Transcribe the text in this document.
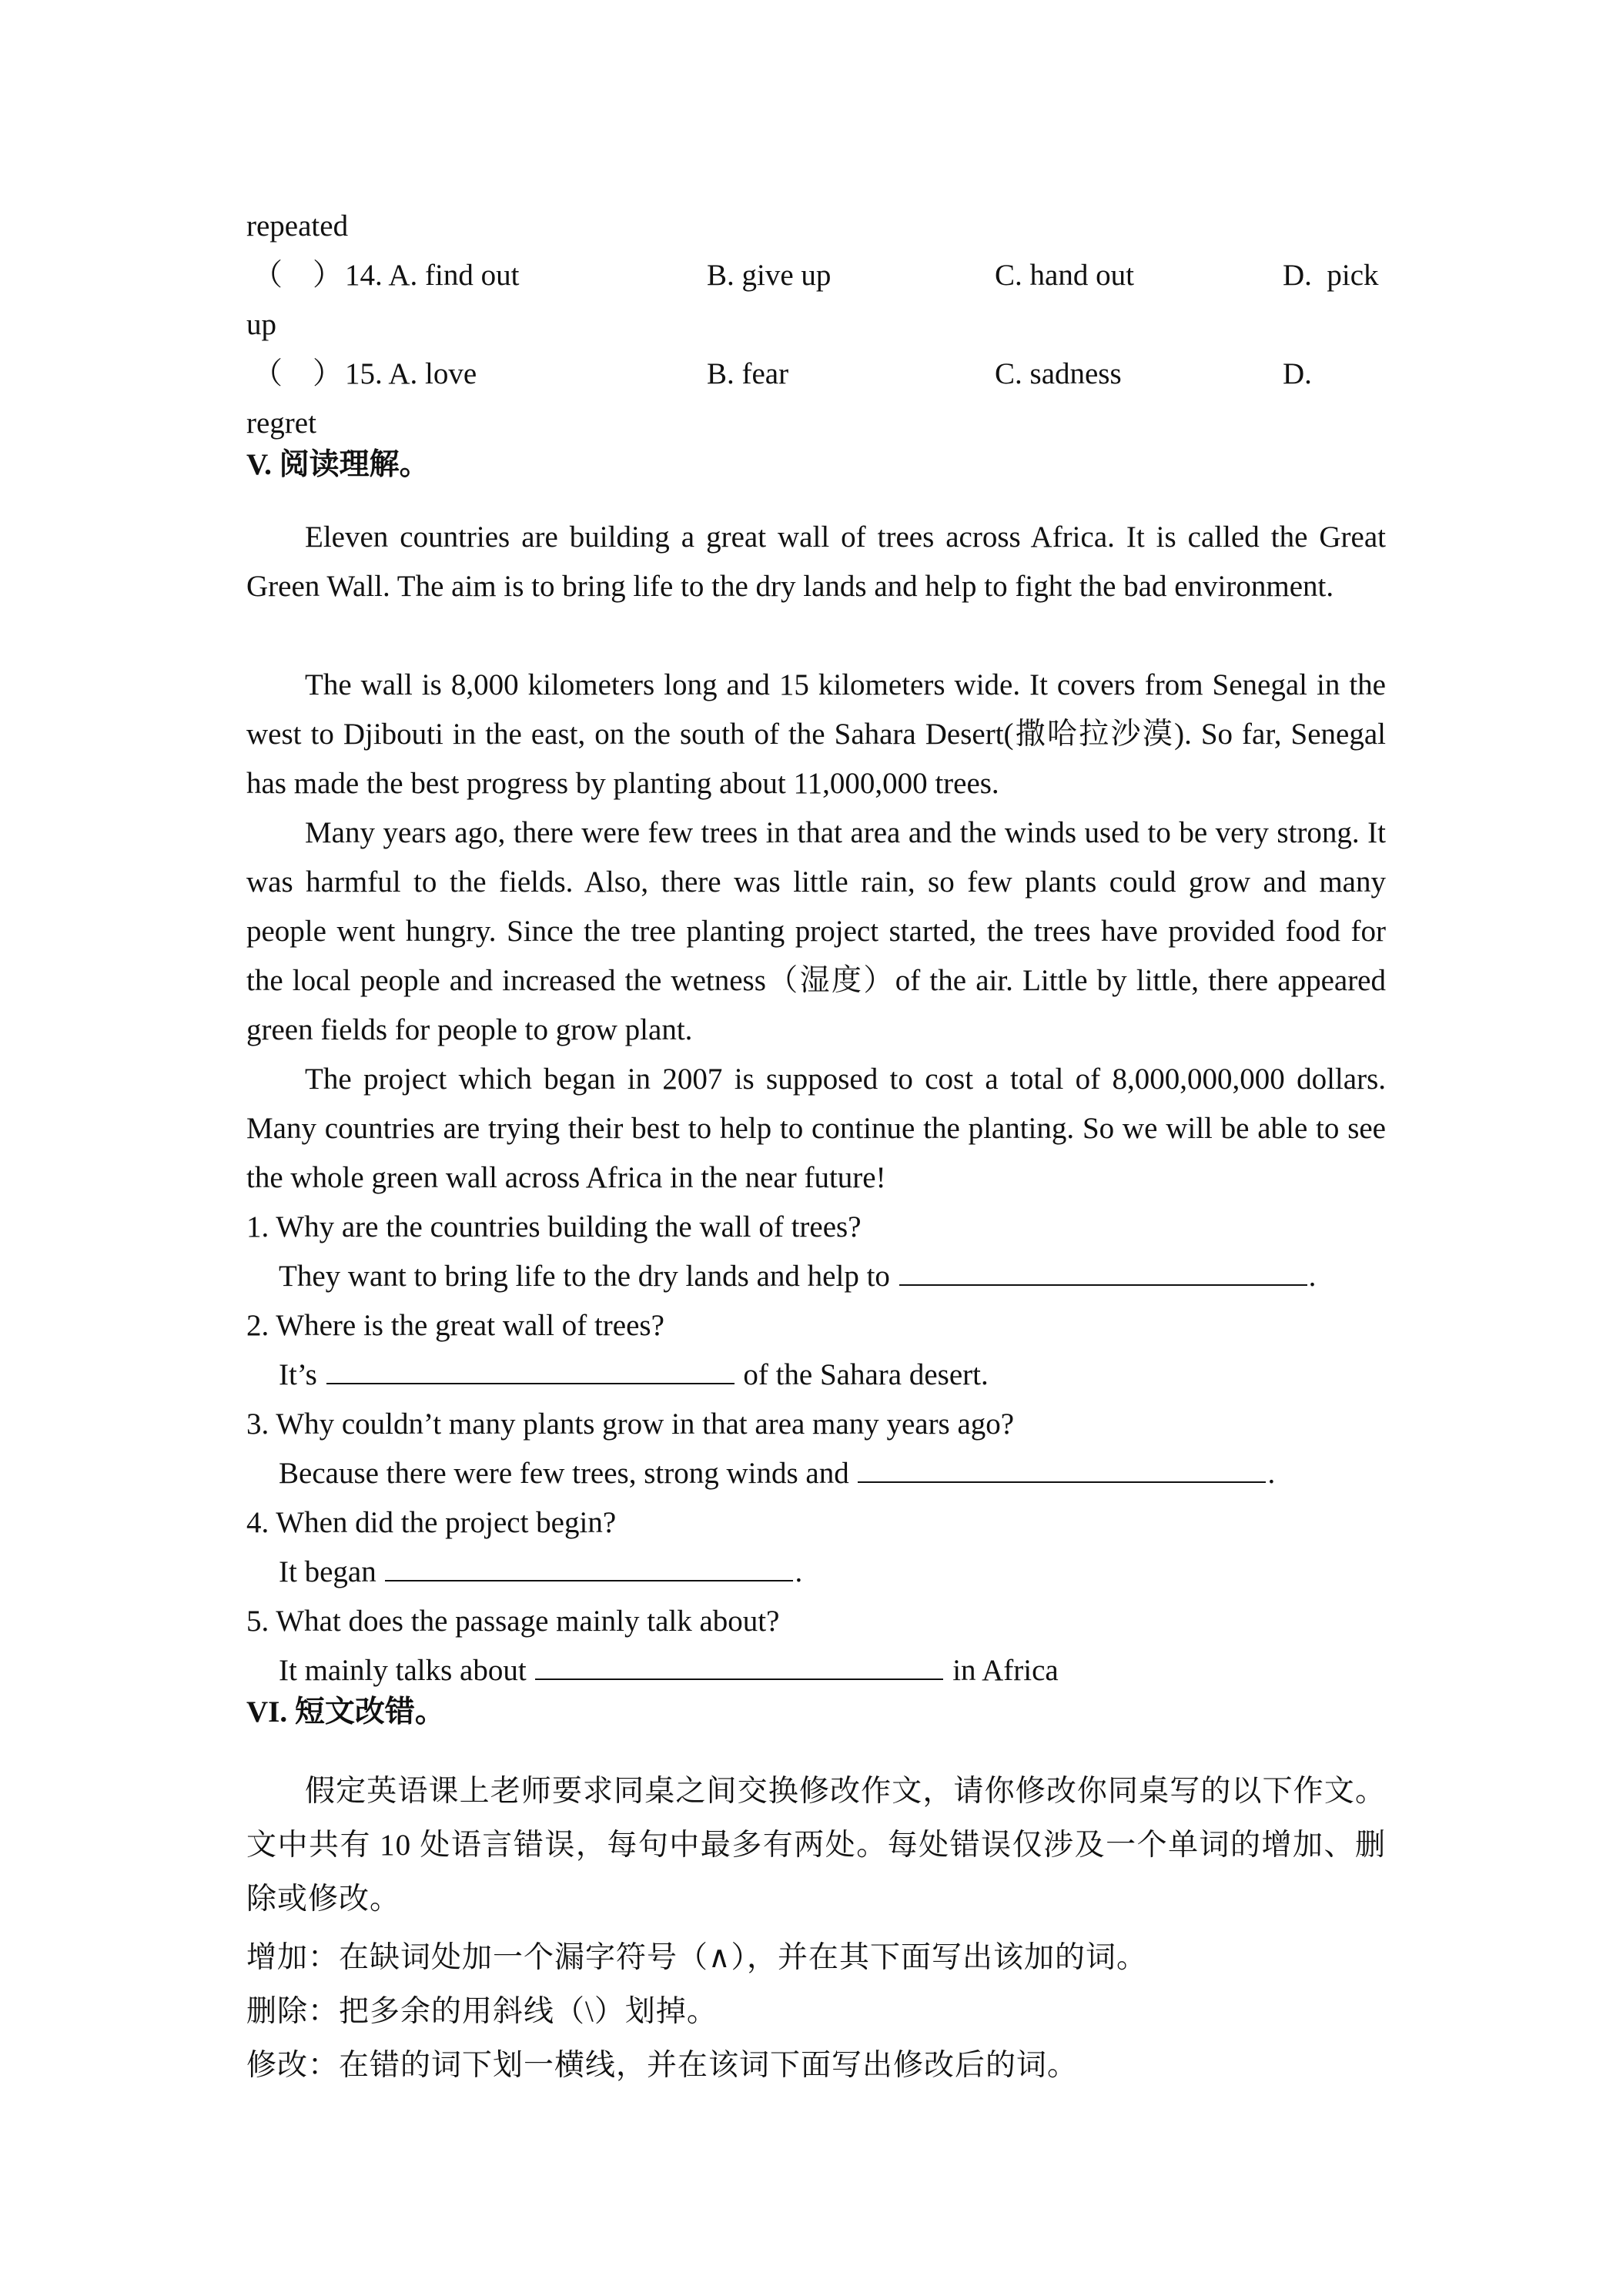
repeated
（　） 14. A. find out	B. give up	C. hand out	D.  pick
up
（　） 15. A. love	B. fear	C. sadness	D.
regret
V. 阅读理解。

Eleven countries are building a great wall of trees across Africa. It is called the Great Green Wall. The aim is to bring life to the dry lands and help to fight the bad environment.

The wall is 8,000 kilometers long and 15 kilometers wide. It covers from Senegal in the west to Djibouti in the east, on the south of the Sahara Desert(撒哈拉沙漠). So far, Senegal has made the best progress by planting about 11,000,000 trees.

Many years ago, there were few trees in that area and the winds used to be very strong. It was harmful to the fields. Also, there was little rain, so few plants could grow and many people went hungry. Since the tree planting project started, the trees have provided food for the local people and increased the wetness（湿度）of the air. Little by little, there appeared green fields for people to grow plant.

The project which began in 2007 is supposed to cost a total of 8,000,000,000 dollars. Many countries are trying their best to help to continue the planting. So we will be able to see the whole green wall across Africa in the near future!

1. Why are the countries building the wall of trees?
They want to bring life to the dry lands and help to	.
2. Where is the great wall of trees?
It’s	of the Sahara desert.
3. Why couldn’t many plants grow in that area many years ago?
Because there were few trees, strong winds and	.
4. When did the project begin?
It began	.
5. What does the passage mainly talk about?
It mainly talks about	in Africa
VI. 短文改错。

假定英语课上老师要求同桌之间交换修改作文，请你修改你同桌写的以下作文。文中共有 10 处语言错误，每句中最多有两处。每处错误仅涉及一个单词的增加、删除或修改。

增加：在缺词处加一个漏字符号（∧），并在其下面写出该加的词。
删除：把多余的用斜线（\）划掉。
修改：在错的词下划一横线，并在该词下面写出修改后的词。
